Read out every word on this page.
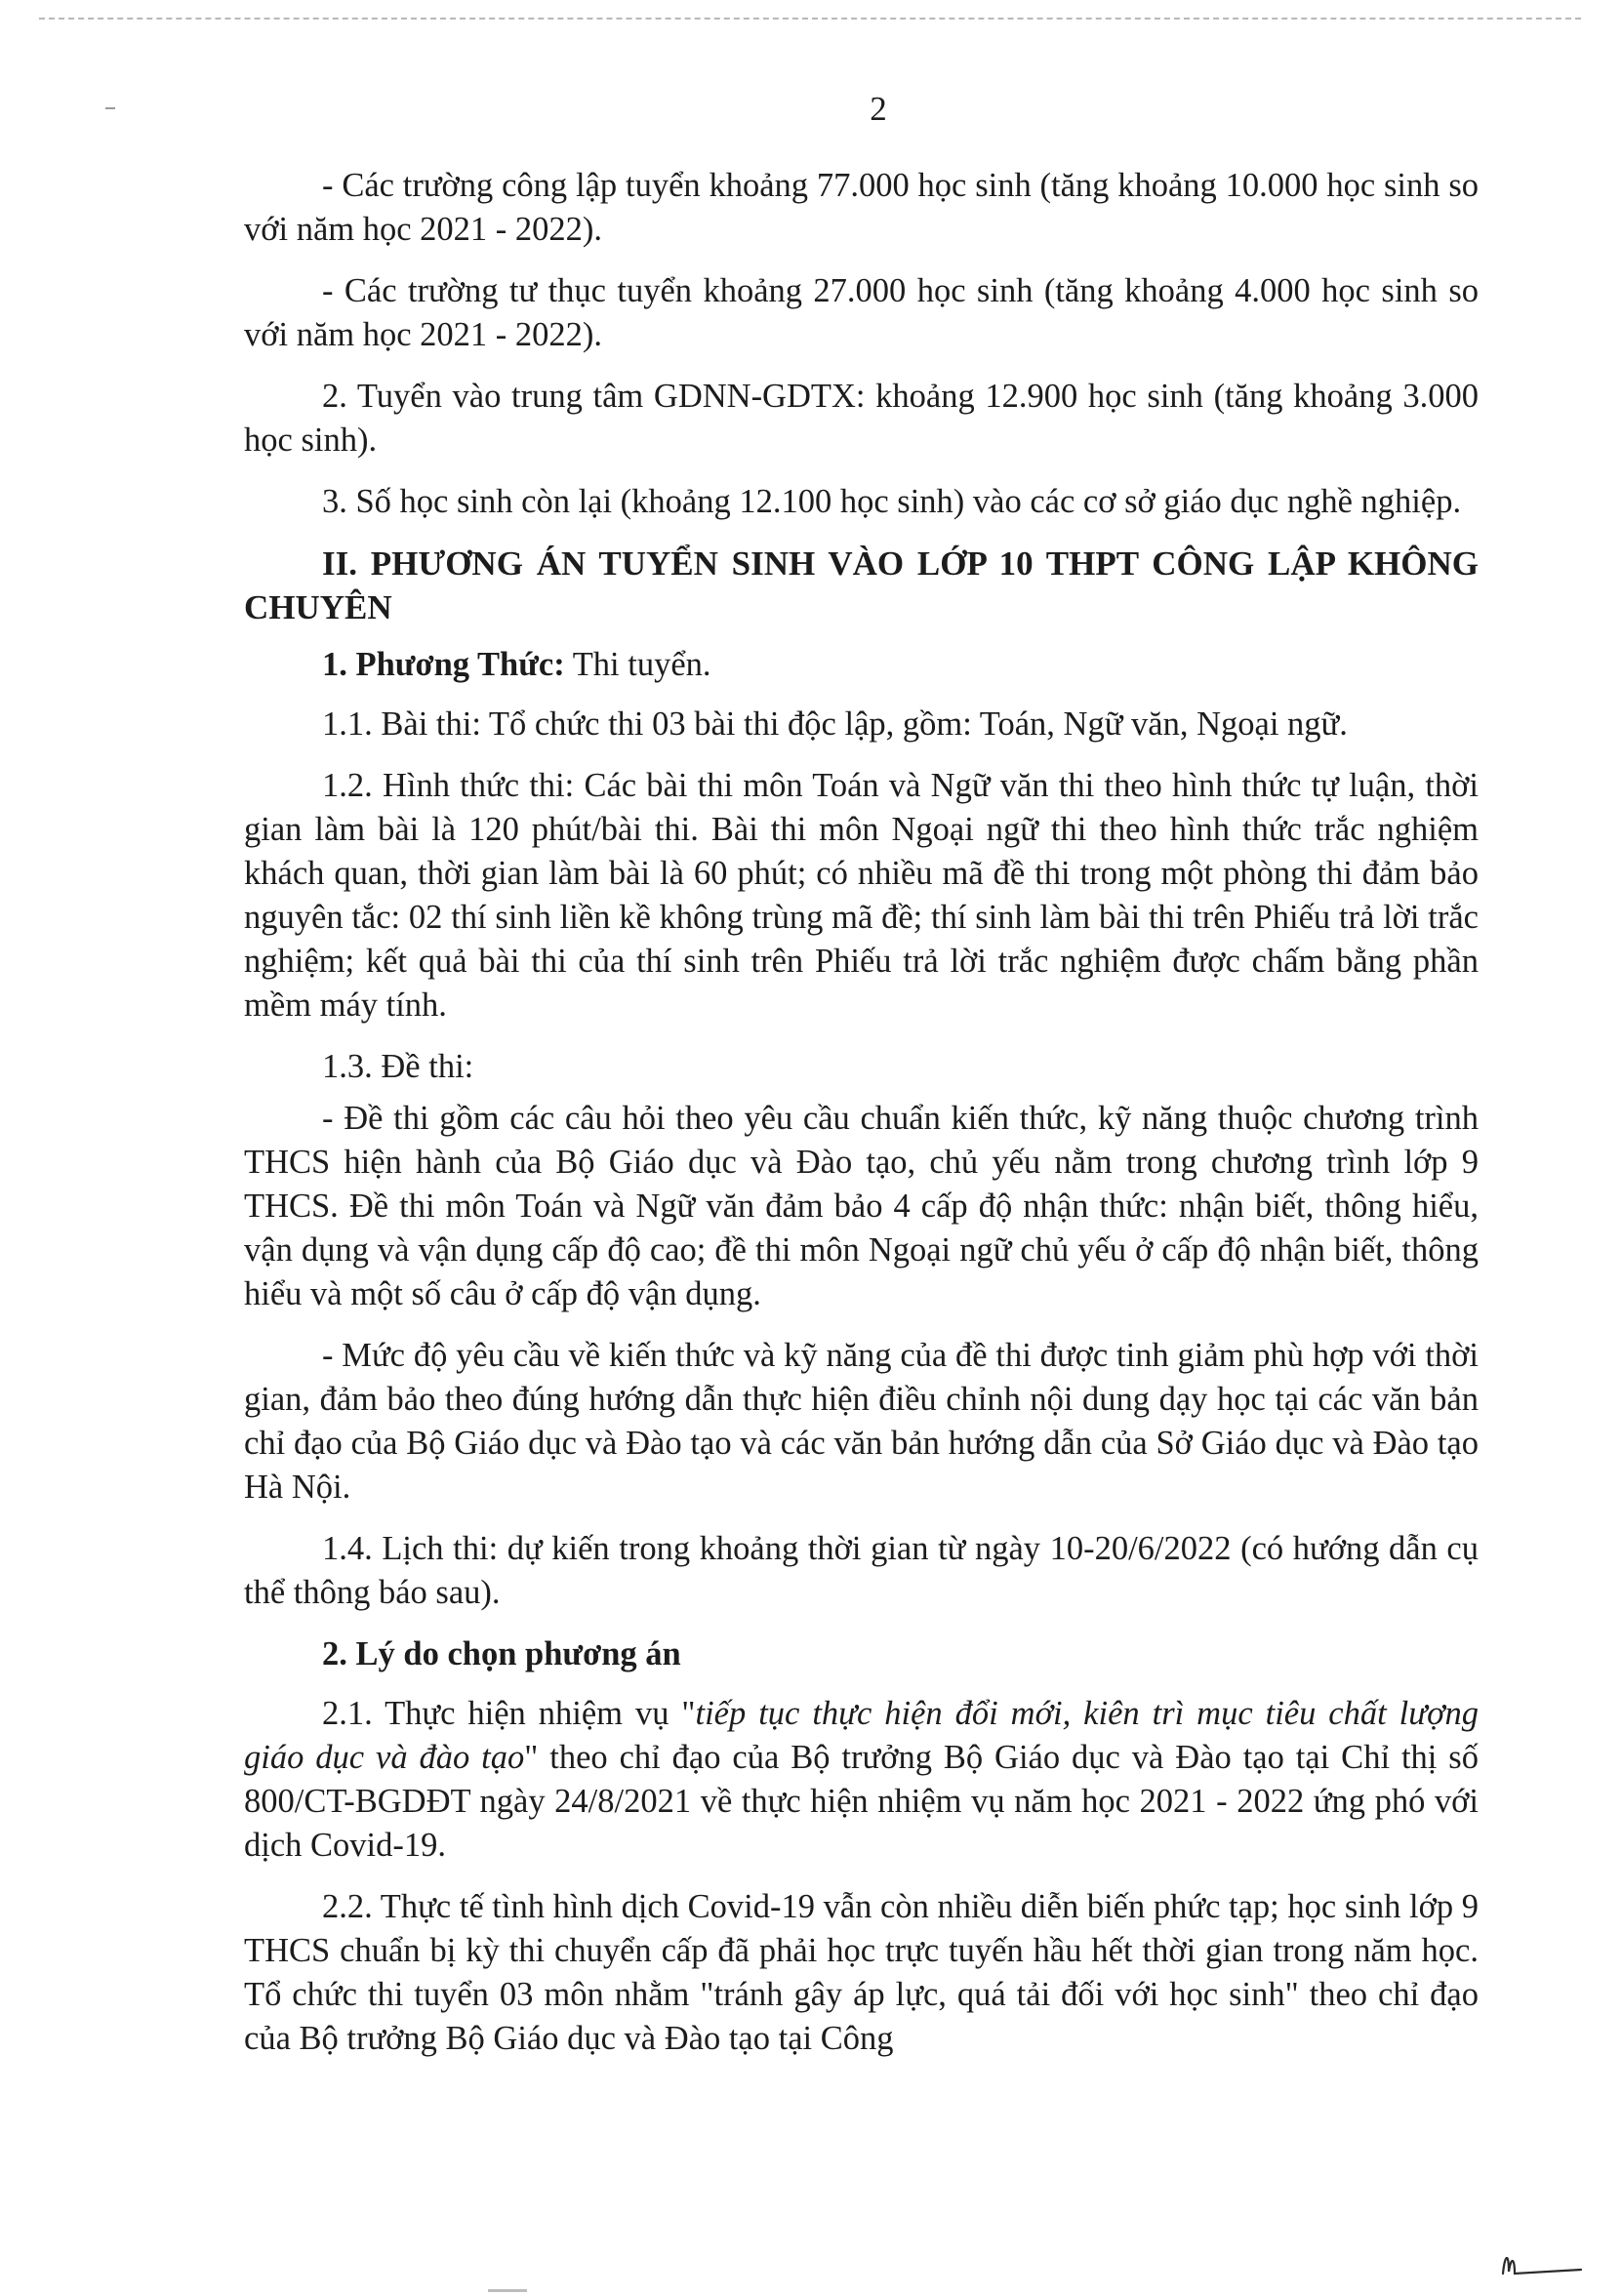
2

- Các trường công lập tuyển khoảng 77.000 học sinh (tăng khoảng 10.000 học sinh so với năm học 2021 - 2022).

- Các trường tư thục tuyển khoảng 27.000 học sinh (tăng khoảng 4.000 học sinh so với năm học 2021 - 2022).

2. Tuyển vào trung tâm GDNN-GDTX: khoảng 12.900 học sinh (tăng khoảng 3.000 học sinh).

3. Số học sinh còn lại (khoảng 12.100 học sinh) vào các cơ sở giáo dục nghề nghiệp.

II. PHƯƠNG ÁN TUYỂN SINH VÀO LỚP 10 THPT CÔNG LẬP KHÔNG CHUYÊN
1. Phương Thức: Thi tuyển.

1.1. Bài thi: Tổ chức thi 03 bài thi độc lập, gồm: Toán, Ngữ văn, Ngoại ngữ.

1.2. Hình thức thi: Các bài thi môn Toán và Ngữ văn thi theo hình thức tự luận, thời gian làm bài là 120 phút/bài thi. Bài thi môn Ngoại ngữ thi theo hình thức trắc nghiệm khách quan, thời gian làm bài là 60 phút; có nhiều mã đề thi trong một phòng thi đảm bảo nguyên tắc: 02 thí sinh liền kề không trùng mã đề; thí sinh làm bài thi trên Phiếu trả lời trắc nghiệm; kết quả bài thi của thí sinh trên Phiếu trả lời trắc nghiệm được chấm bằng phần mềm máy tính.

1.3. Đề thi:

- Đề thi gồm các câu hỏi theo yêu cầu chuẩn kiến thức, kỹ năng thuộc chương trình THCS hiện hành của Bộ Giáo dục và Đào tạo, chủ yếu nằm trong chương trình lớp 9 THCS. Đề thi môn Toán và Ngữ văn đảm bảo 4 cấp độ nhận thức: nhận biết, thông hiểu, vận dụng và vận dụng cấp độ cao; đề thi môn Ngoại ngữ chủ yếu ở cấp độ nhận biết, thông hiểu và một số câu ở cấp độ vận dụng.

- Mức độ yêu cầu về kiến thức và kỹ năng của đề thi được tinh giảm phù hợp với thời gian, đảm bảo theo đúng hướng dẫn thực hiện điều chỉnh nội dung dạy học tại các văn bản chỉ đạo của Bộ Giáo dục và Đào tạo và các văn bản hướng dẫn của Sở Giáo dục và Đào tạo Hà Nội.

1.4. Lịch thi: dự kiến trong khoảng thời gian từ ngày 10-20/6/2022 (có hướng dẫn cụ thể thông báo sau).

2. Lý do chọn phương án

2.1. Thực hiện nhiệm vụ "tiếp tục thực hiện đổi mới, kiên trì mục tiêu chất lượng giáo dục và đào tạo" theo chỉ đạo của Bộ trưởng Bộ Giáo dục và Đào tạo tại Chỉ thị số 800/CT-BGDĐT ngày 24/8/2021 về thực hiện nhiệm vụ năm học 2021 - 2022 ứng phó với dịch Covid-19.

2.2. Thực tế tình hình dịch Covid-19 vẫn còn nhiều diễn biến phức tạp; học sinh lớp 9 THCS chuẩn bị kỳ thi chuyển cấp đã phải học trực tuyến hầu hết thời gian trong năm học. Tổ chức thi tuyển 03 môn nhằm "tránh gây áp lực, quá tải đối với học sinh" theo chỉ đạo của Bộ trưởng Bộ Giáo dục và Đào tạo tại Công
